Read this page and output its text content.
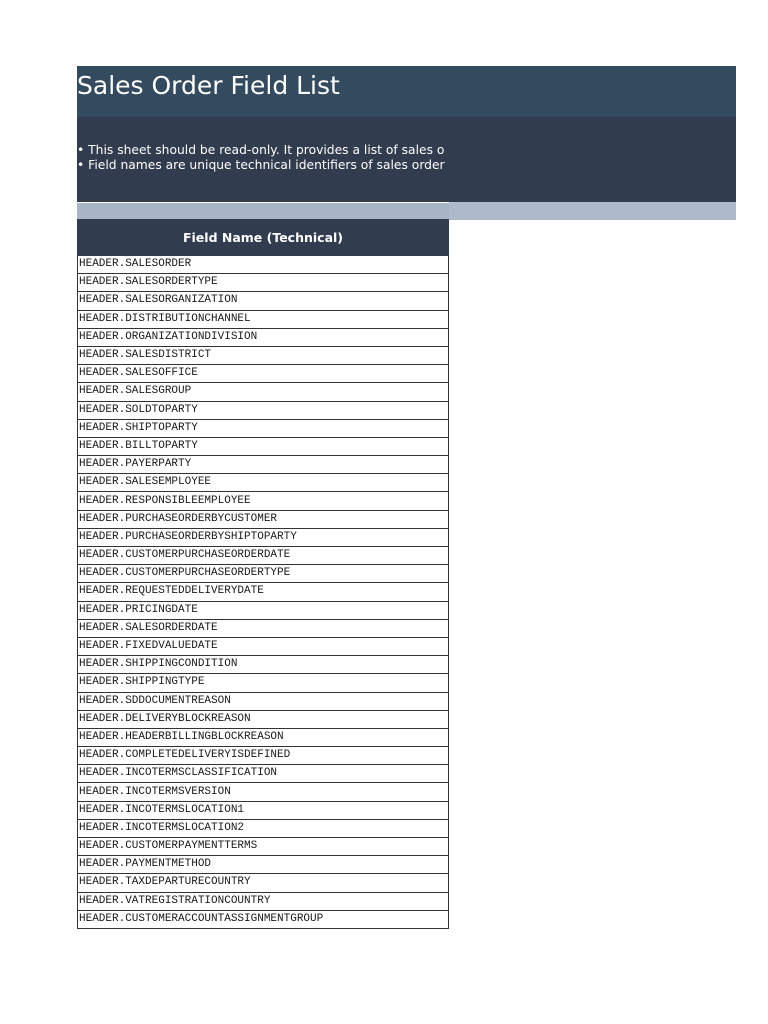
Sales Order Field List
• This sheet should be read-only. It provides a list of sales o
• Field names are unique technical identifiers of sales order
Field Name (Technical)
HEADER.SALESORDER
HEADER.SALESORDERTYPE
HEADER.SALESORGANIZATION
HEADER.DISTRIBUTIONCHANNEL
HEADER.ORGANIZATIONDIVISION
HEADER.SALESDISTRICT
HEADER.SALESOFFICE
HEADER.SALESGROUP
HEADER.SOLDTOPARTY
HEADER.SHIPTOPARTY
HEADER.BILLTOPARTY
HEADER.PAYERPARTY
HEADER.SALESEMPLOYEE
HEADER.RESPONSIBLEEMPLOYEE
HEADER.PURCHASEORDERBYCUSTOMER
HEADER.PURCHASEORDERBYSHIPTOPARTY
HEADER.CUSTOMERPURCHASEORDERDATE
HEADER.CUSTOMERPURCHASEORDERTYPE
HEADER.REQUESTEDDELIVERYDATE
HEADER.PRICINGDATE
HEADER.SALESORDERDATE
HEADER.FIXEDVALUEDATE
HEADER.SHIPPINGCONDITION
HEADER.SHIPPINGTYPE
HEADER.SDDOCUMENTREASON
HEADER.DELIVERYBLOCKREASON
HEADER.HEADERBILLINGBLOCKREASON
HEADER.COMPLETEDELIVERYISDEFINED
HEADER.INCOTERMSCLASSIFICATION
HEADER.INCOTERMSVERSION
HEADER.INCOTERMSLOCATION1
HEADER.INCOTERMSLOCATION2
HEADER.CUSTOMERPAYMENTTERMS
HEADER.PAYMENTMETHOD
HEADER.TAXDEPARTURECOUNTRY
HEADER.VATREGISTRATIONCOUNTRY
HEADER.CUSTOMERACCOUNTASSIGNMENTGROUP
